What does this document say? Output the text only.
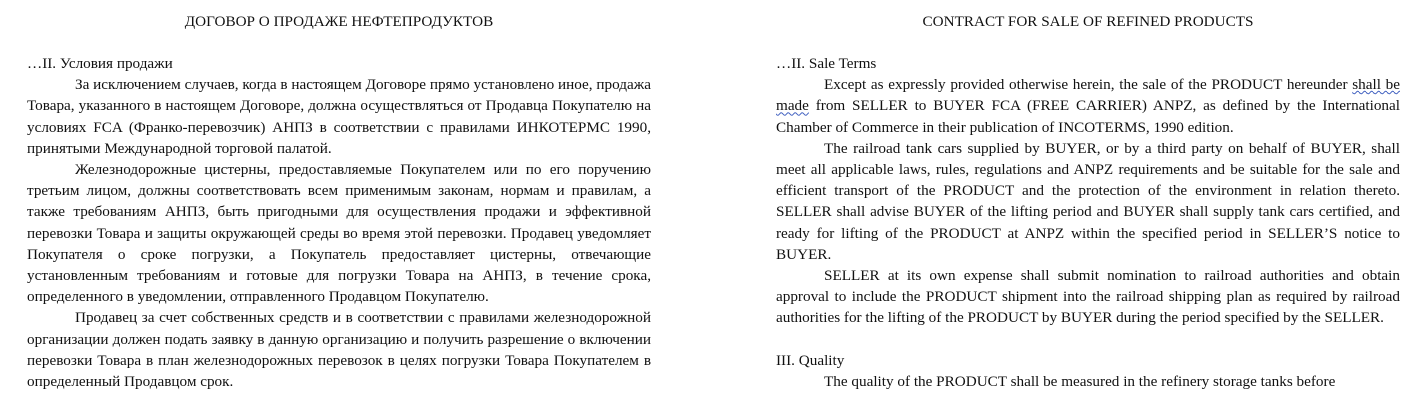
ДОГОВОР О ПРОДАЖЕ НЕФТЕПРОДУКТОВ

…II. Условия продажи

За исключением случаев, когда в настоящем Договоре прямо установлено иное, продажа Товара, указанного в настоящем Договоре, должна осуществляться от Продавца Покупателю на условиях FCA (Франко-перевозчик) АНПЗ в соответствии с правилами ИНКОТЕРМС 1990, принятыми Международной торговой палатой.

Железнодорожные цистерны, предоставляемые Покупателем или по его поручению третьим лицом, должны соответствовать всем применимым законам, нормам и правилам, а также требованиям АНПЗ, быть пригодными для осуществления продажи и эффективной перевозки Товара и защиты окружающей среды во время этой перевозки. Продавец уведомляет Покупателя о сроке погрузки, а Покупатель предоставляет цистерны, отвечающие установленным требованиям и готовые для погрузки Товара на АНПЗ, в течение срока, определенного в уведомлении, отправленного Продавцом Покупателю.

Продавец за счет собственных средств и в соответствии с правилами железнодорожной организации должен подать заявку в данную организацию и получить разрешение о включении перевозки Товара в план железнодорожных перевозок в целях погрузки Товара Покупателем в определенный Продавцом срок.

CONTRACT FOR SALE OF REFINED PRODUCTS

…II. Sale Terms

Except as expressly provided otherwise herein, the sale of the PRODUCT hereunder shall be made from SELLER to BUYER FCA (FREE CARRIER) ANPZ, as defined by the International Chamber of Commerce in their publication of INCOTERMS, 1990 edition.

The railroad tank cars supplied by BUYER, or by a third party on behalf of BUYER, shall meet all applicable laws, rules, regulations and ANPZ requirements and be suitable for the sale and efficient transport of the PRODUCT and the protection of the environment in relation thereto. SELLER shall advise BUYER of the lifting period and BUYER shall supply tank cars certified, and ready for lifting of the PRODUCT at ANPZ within the specified period in SELLER’S notice to BUYER.

SELLER at its own expense shall submit nomination to railroad authorities and obtain approval to include the PRODUCT shipment into the railroad shipping plan as required by railroad authorities for the lifting of the PRODUCT by BUYER during the period specified by the SELLER.

III. Quality

The quality of the PRODUCT shall be measured in the refinery storage tanks before
